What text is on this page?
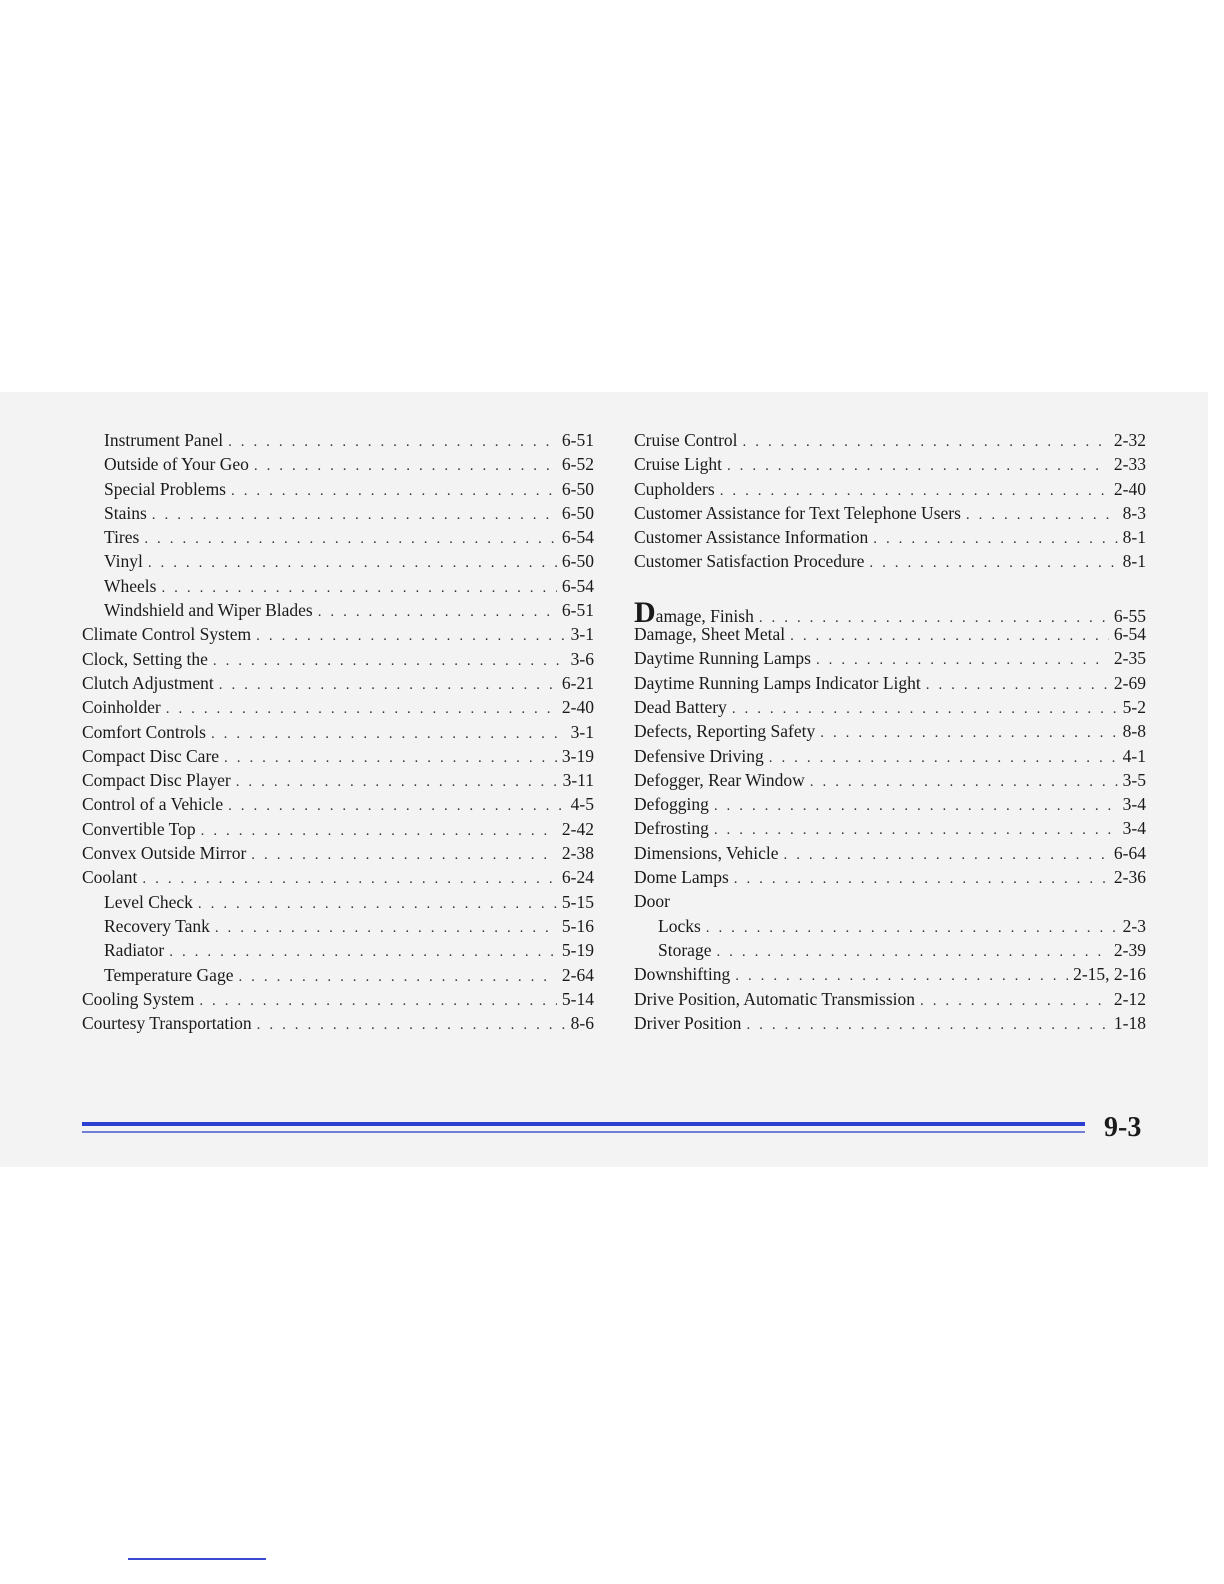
Instrument Panel . . .	6-51
Outside of Your Geo . . .	6-52
Special Problems . . .	6-50
Stains . . .	6-50
Tires . . .	6-54
Vinyl . . .	6-50
Wheels . . .	6-54
Windshield and Wiper Blades . . .	6-51
Climate Control System . . .	3-1
Clock, Setting the . . .	3-6
Clutch Adjustment . . .	6-21
Coinholder . . .	2-40
Comfort Controls . . .	3-1
Compact Disc Care . . .	3-19
Compact Disc Player . . .	3-11
Control of a Vehicle . . .	4-5
Convertible Top . . .	2-42
Convex Outside Mirror . . .	2-38
Coolant . . .	6-24
Level Check . . .	5-15
Recovery Tank . . .	5-16
Radiator . . .	5-19
Temperature Gage . . .	2-64
Cooling System . . .	5-14
Courtesy Transportation . . .	8-6
Cruise Control . . .	2-32
Cruise Light . . .	2-33
Cupholders . . .	2-40
Customer Assistance for Text Telephone Users . . .	8-3
Customer Assistance Information . . .	8-1
Customer Satisfaction Procedure . . .	8-1
Damage, Finish . . .	6-55
Damage, Sheet Metal . . .	6-54
Daytime Running Lamps . . .	2-35
Daytime Running Lamps Indicator Light . . .	2-69
Dead Battery . . .	5-2
Defects, Reporting Safety . . .	8-8
Defensive Driving . . .	4-1
Defogger, Rear Window . . .	3-5
Defogging . . .	3-4
Defrosting . . .	3-4
Dimensions, Vehicle . . .	6-64
Dome Lamps . . .	2-36
Door
Locks . . .	2-3
Storage . . .	2-39
Downshifting . . .	2-15, 2-16
Drive Position, Automatic Transmission . . .	2-12
Driver Position . . .	1-18
9-3
